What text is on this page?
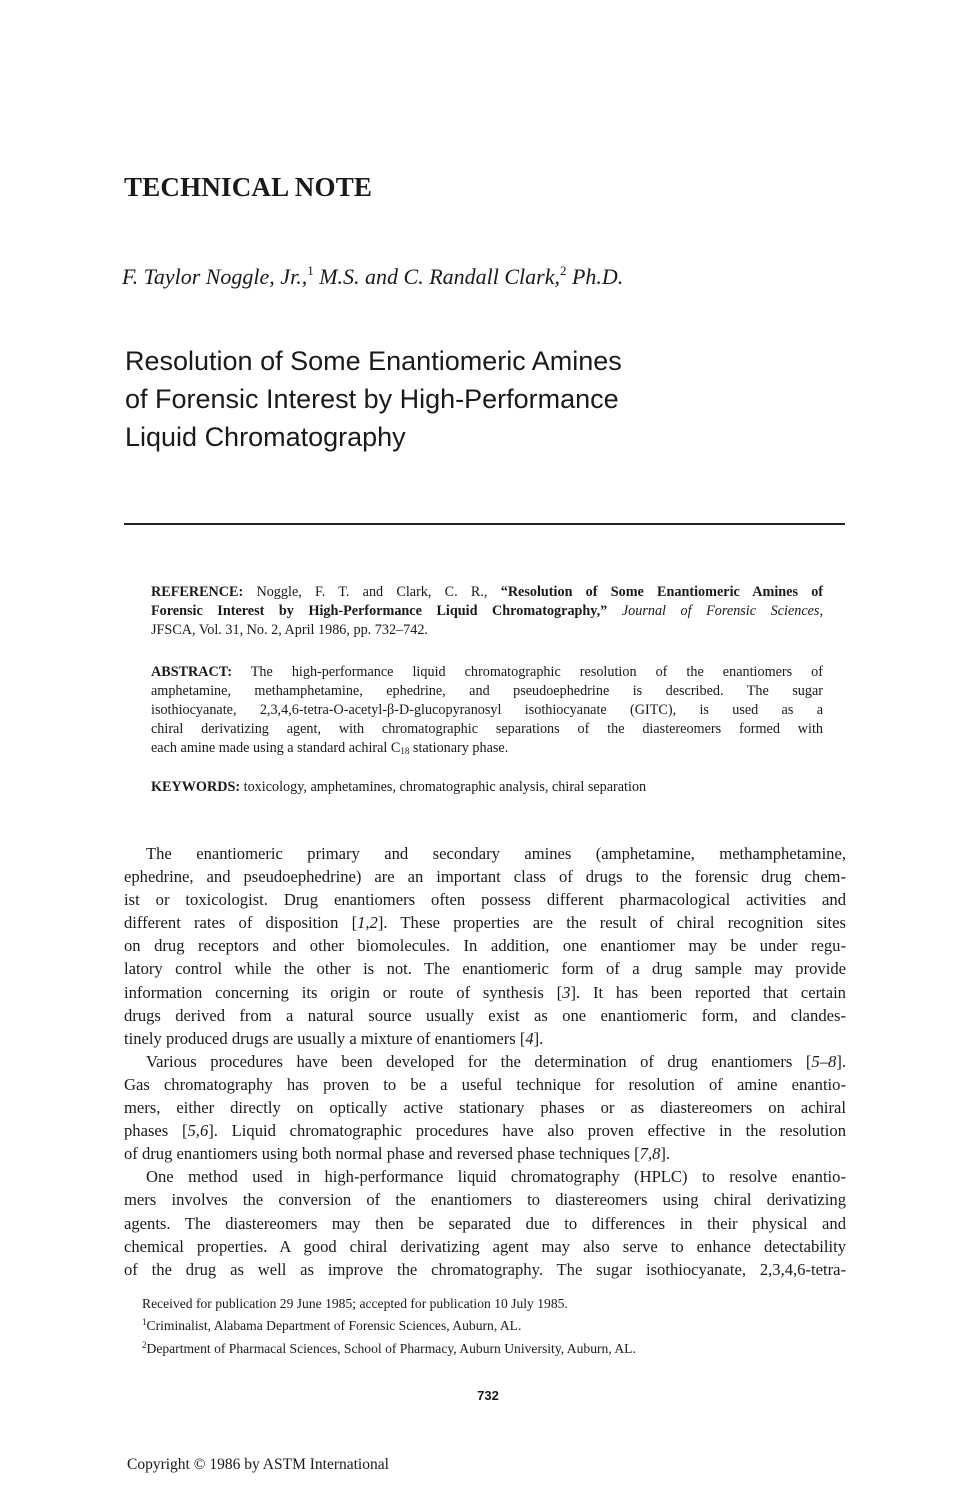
TECHNICAL NOTE
F. Taylor Noggle, Jr.,$^1$ M.S. and C. Randall Clark,$^2$ Ph.D.
Resolution of Some Enantiomeric Amines
of Forensic Interest by High-Performance
Liquid Chromatography
REFERENCE: Noggle, F. T. and Clark, C. R., “Resolution of Some Enantiomeric Amines of
Forensic Interest by High-Performance Liquid Chromatography,” Journal of Forensic Sciences,
JFSCA, Vol. 31, No. 2, April 1986, pp. 732–742.
ABSTRACT: The high-performance liquid chromatographic resolution of the enantiomers of
amphetamine, methamphetamine, ephedrine, and pseudoephedrine is described. The sugar
isothiocyanate, 2,3,4,6-tetra-O-acetyl-β-D-glucopyranosyl isothiocyanate (GITC), is used as a
chiral derivatizing agent, with chromatographic separations of the diastereomers formed with
each amine made using a standard achiral $C_{18}$ stationary phase.
KEYWORDS: toxicology, amphetamines, chromatographic analysis, chiral separation
The enantiomeric primary and secondary amines (amphetamine, methamphetamine,
ephedrine, and pseudoephedrine) are an important class of drugs to the forensic drug chem-
ist or toxicologist. Drug enantiomers often possess different pharmacological activities and
different rates of disposition [1,2]. These properties are the result of chiral recognition sites
on drug receptors and other biomolecules. In addition, one enantiomer may be under regu-
latory control while the other is not. The enantiomeric form of a drug sample may provide
information concerning its origin or route of synthesis [3]. It has been reported that certain
drugs derived from a natural source usually exist as one enantiomeric form, and clandes-
tinely produced drugs are usually a mixture of enantiomers [4].
Various procedures have been developed for the determination of drug enantiomers [5–8].
Gas chromatography has proven to be a useful technique for resolution of amine enantio-
mers, either directly on optically active stationary phases or as diastereomers on achiral
phases [5,6]. Liquid chromatographic procedures have also proven effective in the resolution
of drug enantiomers using both normal phase and reversed phase techniques [7,8].
One method used in high-performance liquid chromatography (HPLC) to resolve enantio-
mers involves the conversion of the enantiomers to diastereomers using chiral derivatizing
agents. The diastereomers may then be separated due to differences in their physical and
chemical properties. A good chiral derivatizing agent may also serve to enhance detectability
of the drug as well as improve the chromatography. The sugar isothiocyanate, 2,3,4,6-tetra-
Received for publication 29 June 1985; accepted for publication 10 July 1985.
$^1$Criminalist, Alabama Department of Forensic Sciences, Auburn, AL.
$^2$Department of Pharmacal Sciences, School of Pharmacy, Auburn University, Auburn, AL.
732
Copyright © 1986 by ASTM International
